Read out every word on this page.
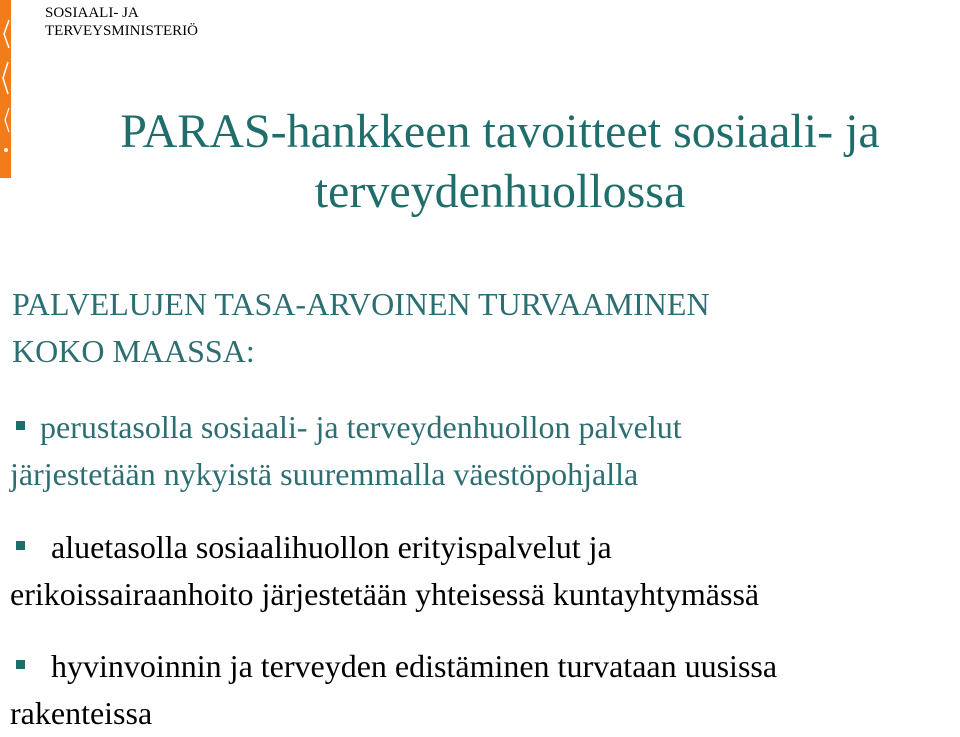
SOSIAALI- JA
TERVEYSMINISTERIÖ
PARAS-hankkeen tavoitteet sosiaali- ja
terveydenhuollossa
PALVELUJEN TASA-ARVOINEN TURVAAMINEN
KOKO MAASSA:
perustasolla sosiaali- ja terveydenhuollon palvelut
järjestetään nykyistä suuremmalla väestöpohjalla
aluetasolla sosiaalihuollon erityispalvelut ja
erikoissairaanhoito järjestetään yhteisessä kuntayhtymässä
hyvinvoinnin ja terveyden edistäminen turvataan uusissa
rakenteissa
